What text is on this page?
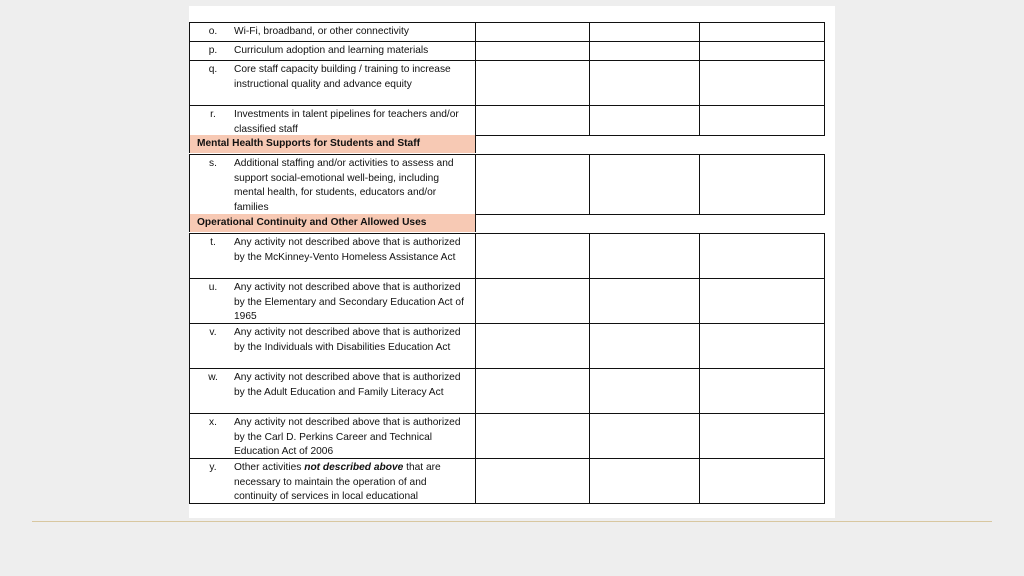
o.	Wi-Fi, broadband, or other connectivity
p.	Curriculum adoption and learning materials
q.	Core staff capacity building / training to increase instructional quality and advance equity
r.	Investments in talent pipelines for teachers and/or classified staff
Mental Health Supports for Students and Staff
s.	Additional staffing and/or activities to assess and support social-emotional well-being, including mental health, for students, educators and/or families
Operational Continuity and Other Allowed Uses
t.	Any activity not described above that is authorized by the McKinney-Vento Homeless Assistance Act
u.	Any activity not described above that is authorized by the Elementary and Secondary Education Act of 1965
v.	Any activity not described above that is authorized by the Individuals with Disabilities Education Act
w.	Any activity not described above that is authorized by the Adult Education and Family Literacy Act
x.	Any activity not described above that is authorized by the Carl D. Perkins Career and Technical Education Act of 2006
y.	Other activities not described above that are necessary to maintain the operation of and continuity of services in local educational
